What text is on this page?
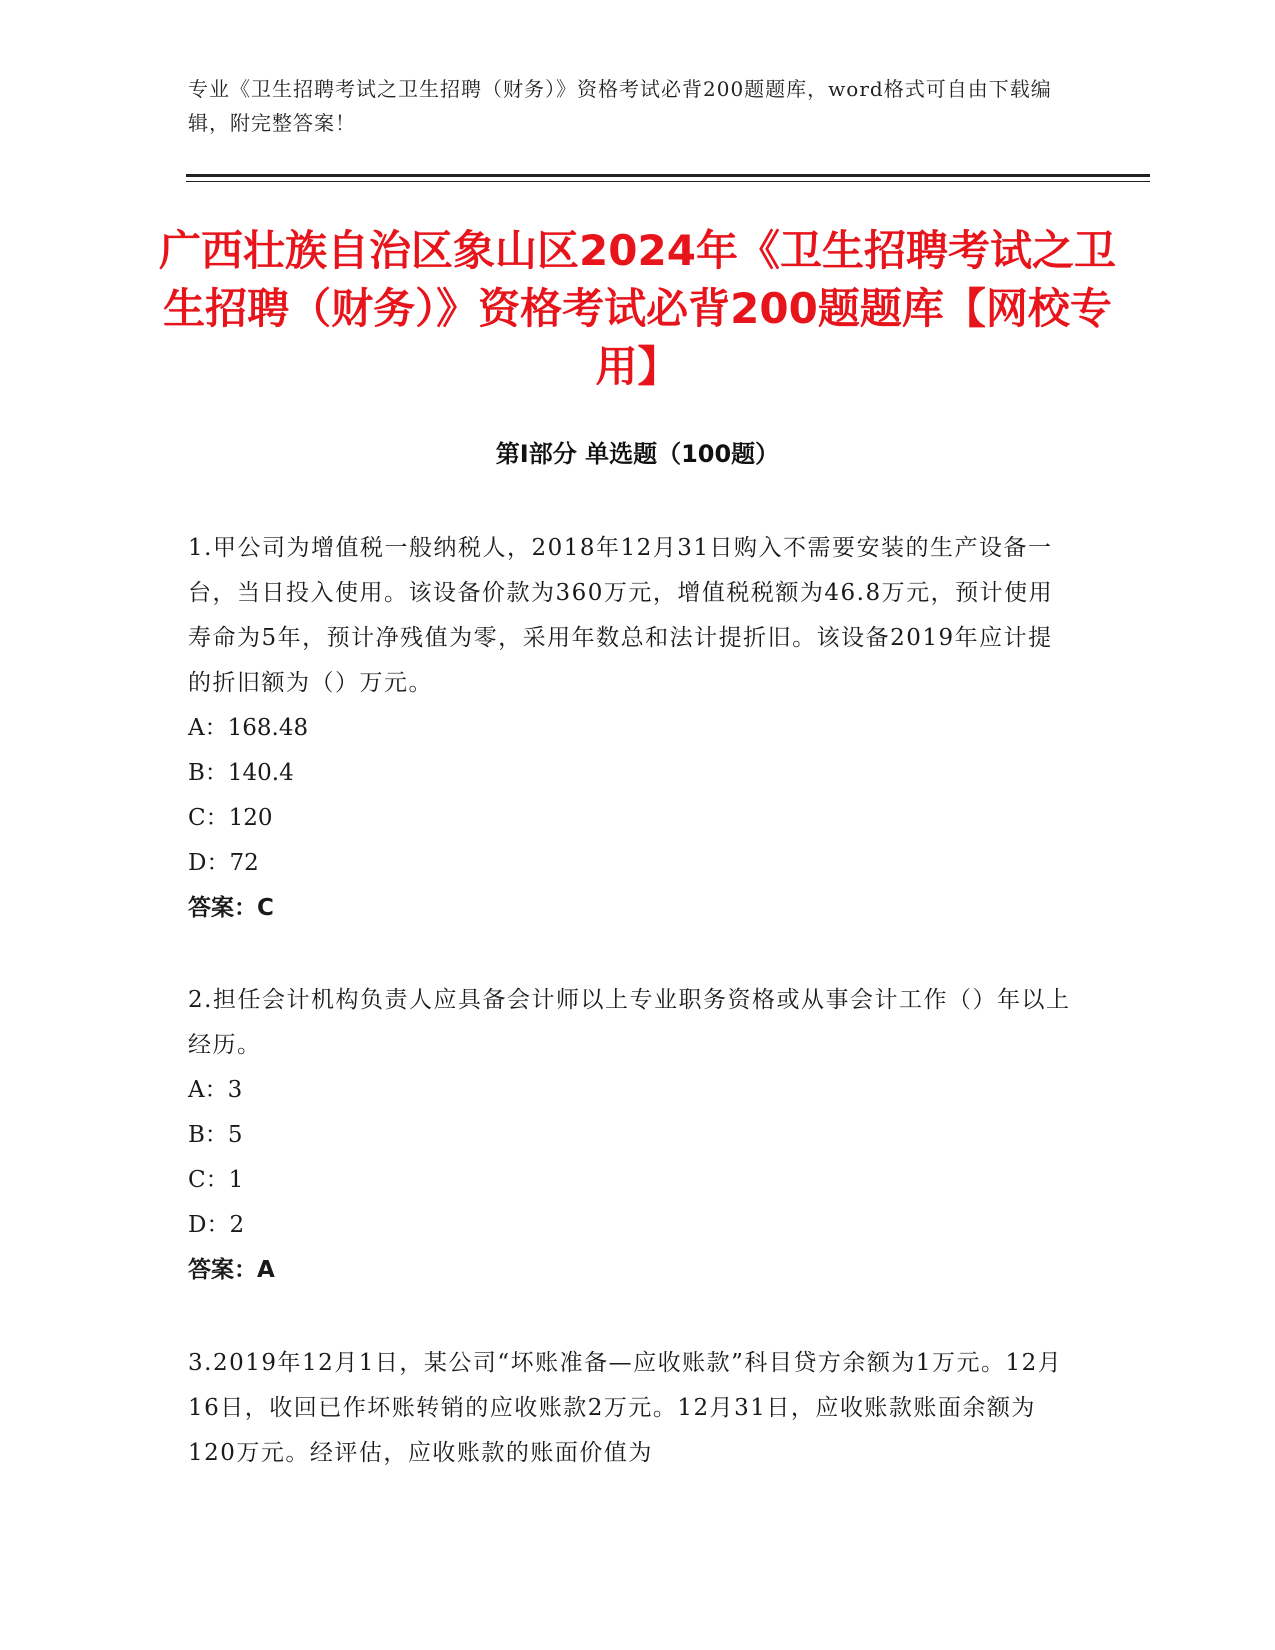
专业《卫生招聘考试之卫生招聘（财务）》资格考试必背200题题库，word格式可自由下载编辑，附完整答案！
广西壮族自治区象山区2024年《卫生招聘考试之卫生招聘（财务）》资格考试必背200题题库【网校专用】
第Ⅰ部分 单选题（100题）

1.甲公司为增值税一般纳税人，2018年12月31日购入不需要安装的生产设备一台，当日投入使用。该设备价款为360万元，增值税税额为46.8万元，预计使用寿命为5年，预计净残值为零，采用年数总和法计提折旧。该设备2019年应计提的折旧额为（）万元。

A：168.48

B：140.4

C：120

D：72

答案：C

2.担任会计机构负责人应具备会计师以上专业职务资格或从事会计工作（）年以上经历。

A：3

B：5

C：1

D：2

答案：A

3.2019年12月1日，某公司“坏账准备—应收账款”科目贷方余额为1万元。12月16日，收回已作坏账转销的应收账款2万元。12月31日，应收账款账面余额为120万元。经评估，应收账款的账面价值为
